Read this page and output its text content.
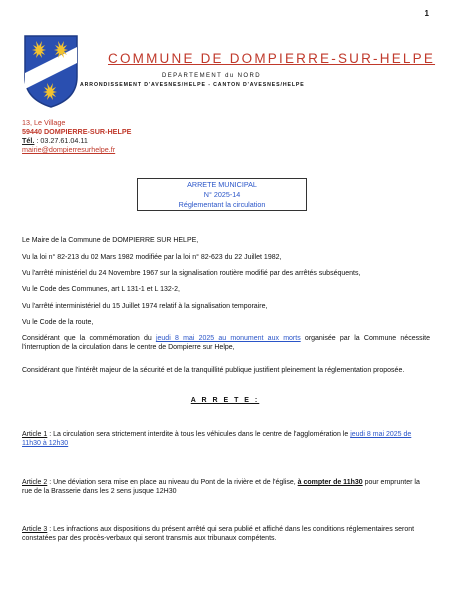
1
COMMUNE DE DOMPIERRE-SUR-HELPE
DEPARTEMENT du NORD
ARRONDISSEMENT D'AVESNES/HELPE - CANTON D'AVESNES/HELPE
13, Le Village
59440 DOMPIERRE-SUR-HELPE
Tél. : 03.27.61.04.11
mairie@dompierresurhelpe.fr
ARRETE MUNICIPAL
N° 2025-14
Réglementant la circulation
Le Maire de la Commune de DOMPIERRE SUR HELPE,
Vu la loi n° 82-213 du 02 Mars 1982 modifiée par la loi n° 82-623 du 22 Juillet 1982,
Vu l'arrêté ministériel du 24 Novembre 1967 sur la signalisation routière modifié par des arrêtés subséquents,
Vu le Code des Communes, art L 131-1 et L 132-2,
Vu l'arrêté interministériel du 15 Juillet 1974 relatif à la signalisation temporaire,
Vu le Code de la route,
Considérant que la commémoration du jeudi 8 mai 2025 au monument aux morts organisée par la Commune nécessite l'interruption de la circulation dans le centre de Dompierre sur Helpe,
Considérant que l'intérêt majeur de la sécurité et de la tranquillité publique justifient pleinement la réglementation proposée.
A R R E T E :
Article 1 : La circulation sera strictement interdite à tous les véhicules dans le centre de l'agglomération le jeudi 8 mai 2025 de 11h30 à 12h30
Article 2 : Une déviation sera mise en place au niveau du Pont de la rivière et de l'église, à compter de 11h30 pour emprunter la rue de la Brasserie dans les 2 sens jusque 12H30
Article 3 : Les infractions aux dispositions du présent arrêté qui sera publié et affiché dans les conditions réglementaires seront constatées par des procès-verbaux qui seront transmis aux tribunaux compétents.
